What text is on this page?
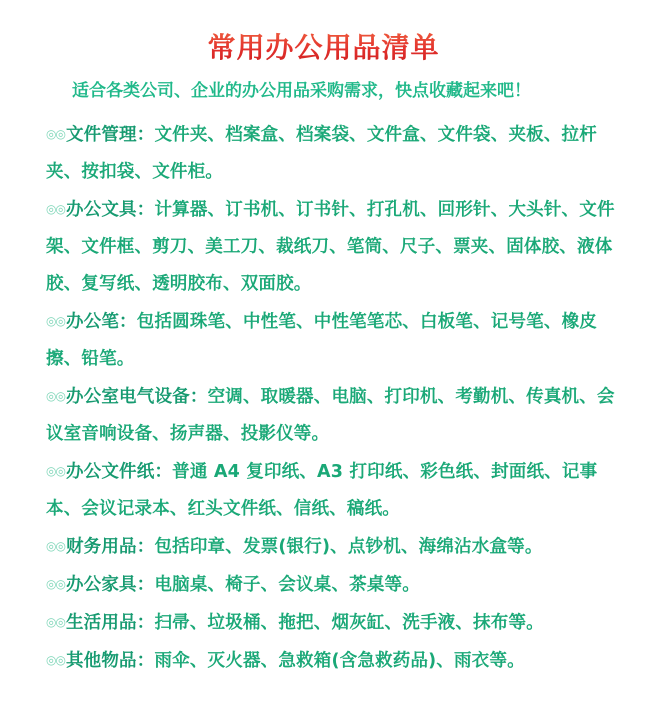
常用办公用品清单
适合各类公司、企业的办公用品采购需求，快点收藏起来吧！
◎◎文件管理：文件夹、档案盒、档案袋、文件盒、文件袋、夹板、拉杆夹、按扣袋、文件柜。
◎◎办公文具：计算器、订书机、订书针、打孔机、回形针、大头针、文件架、文件框、剪刀、美工刀、裁纸刀、笔筒、尺子、票夹、固体胶、液体胶、复写纸、透明胶布、双面胶。
◎◎办公笔：包括圆珠笔、中性笔、中性笔笔芯、白板笔、记号笔、橡皮擦、铅笔。
◎◎办公室电气设备：空调、取暖器、电脑、打印机、考勤机、传真机、会议室音响设备、扬声器、投影仪等。
◎◎办公文件纸：普通 A4 复印纸、A3 打印纸、彩色纸、封面纸、记事本、会议记录本、红头文件纸、信纸、稿纸。
◎◎财务用品：包括印章、发票(银行)、点钞机、海绵沾水盒等。
◎◎办公家具：电脑桌、椅子、会议桌、茶桌等。
◎◎生活用品：扫帚、垃圾桶、拖把、烟灰缸、洗手液、抹布等。
◎◎其他物品：雨伞、灭火器、急救箱(含急救药品)、雨衣等。
